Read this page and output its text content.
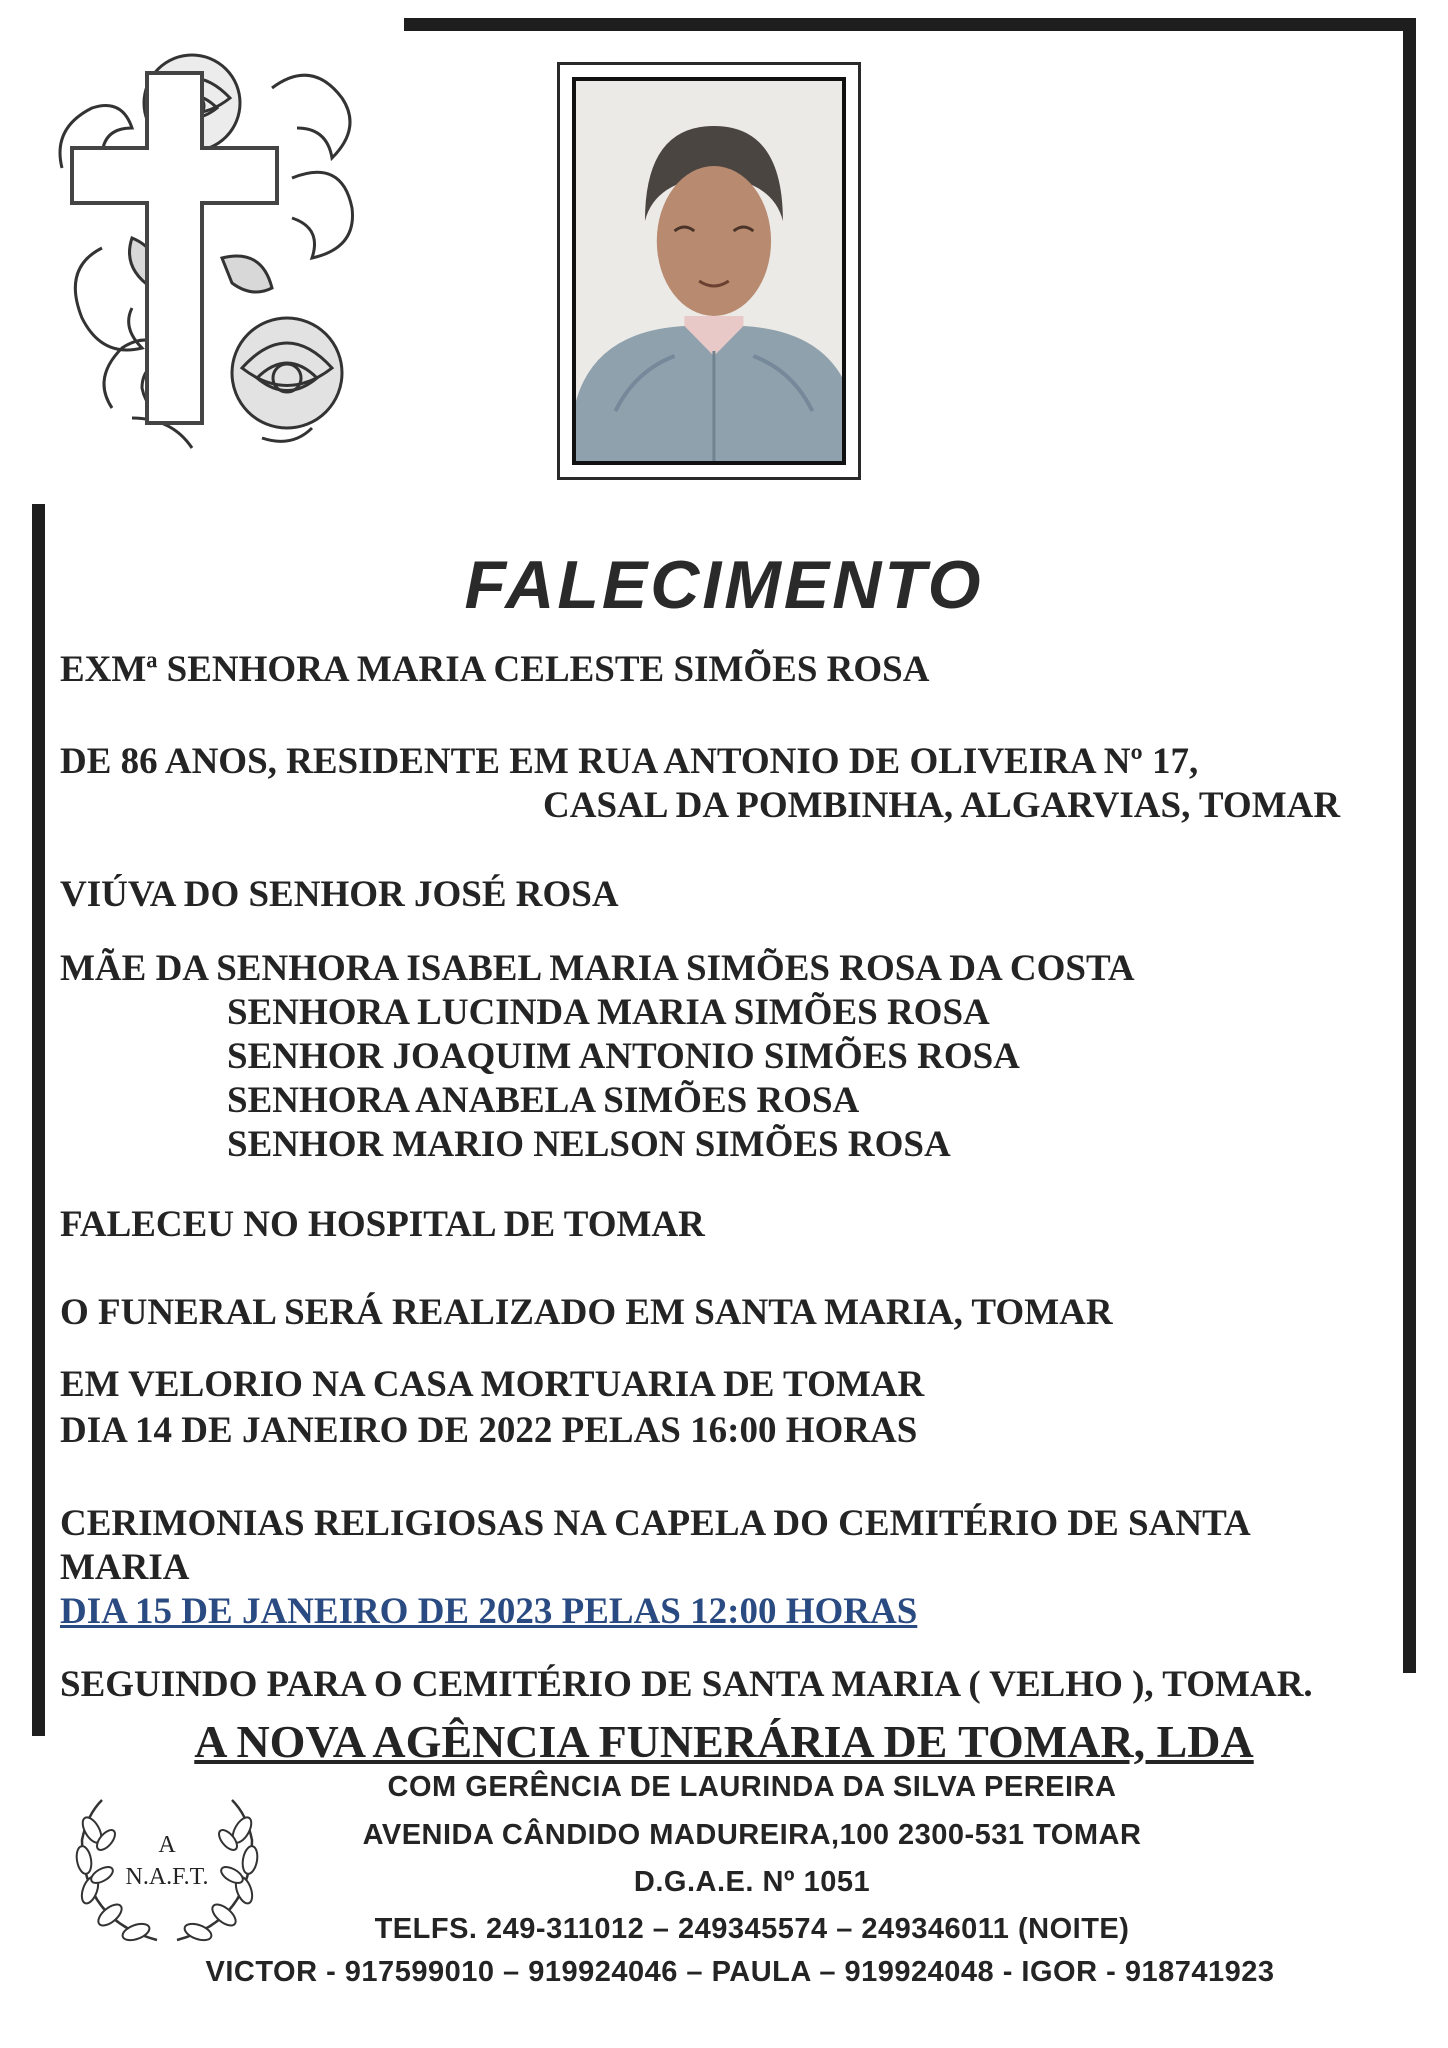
FALECIMENTO
EXMª SENHORA MARIA CELESTE SIMÕES ROSA
DE 86 ANOS, RESIDENTE EM RUA ANTONIO DE OLIVEIRA Nº 17,
CASAL DA POMBINHA, ALGARVIAS, TOMAR
VIÚVA DO SENHOR JOSÉ ROSA
MÃE DA SENHORA ISABEL MARIA SIMÕES ROSA DA COSTA
SENHORA LUCINDA MARIA SIMÕES ROSA
SENHOR JOAQUIM ANTONIO SIMÕES ROSA
SENHORA ANABELA SIMÕES ROSA
SENHOR MARIO NELSON SIMÕES ROSA
FALECEU NO HOSPITAL DE TOMAR
O FUNERAL SERÁ REALIZADO EM SANTA MARIA, TOMAR
EM VELORIO NA CASA MORTUARIA DE TOMAR
DIA 14 DE JANEIRO DE 2022 PELAS 16:00 HORAS
CERIMONIAS RELIGIOSAS NA CAPELA DO CEMITÉRIO DE SANTA
MARIA
DIA 15 DE JANEIRO DE 2023 PELAS 12:00 HORAS
SEGUINDO PARA O CEMITÉRIO DE SANTA MARIA ( VELHO ), TOMAR.
A NOVA AGÊNCIA FUNERÁRIA DE TOMAR, LDA
COM GERÊNCIA DE LAURINDA DA SILVA PEREIRA
AVENIDA CÂNDIDO MADUREIRA,100 2300-531 TOMAR
D.G.A.E. Nº 1051
TELFS. 249-311012 – 249345574 – 249346011 (NOITE)
VICTOR - 917599010 – 919924046 – PAULA – 919924048 - IGOR - 918741923
A
N.A.F.T.
